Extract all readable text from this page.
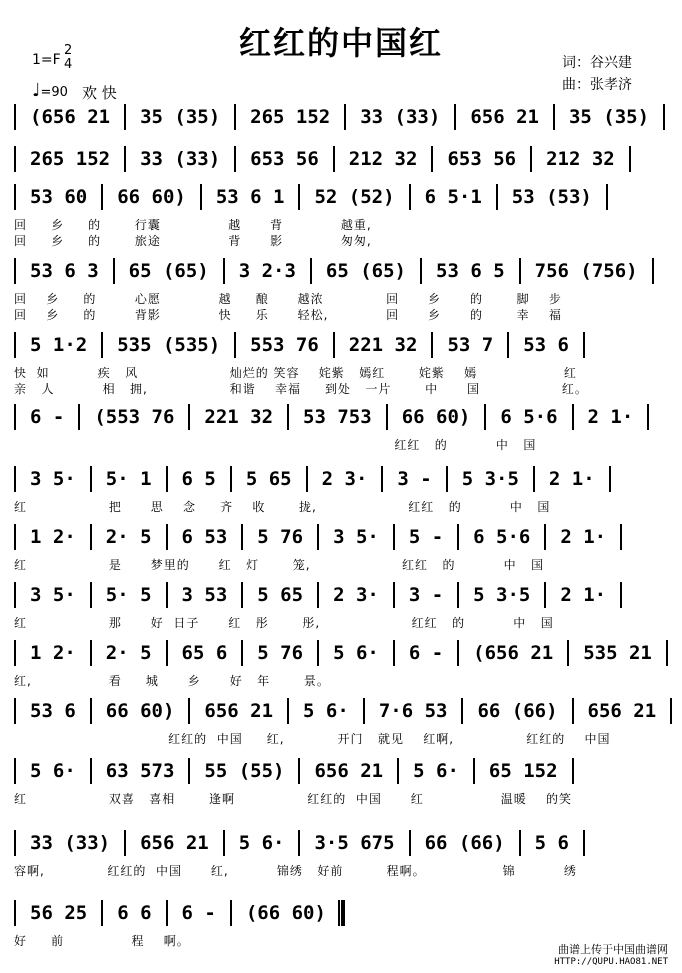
红红的中国红
1=F
2
4
♩=90 欢 快
词：谷兴建
曲：张孝济
(656 21 35 (35) 265 152 33 (33) 656 21 35 (35)
265 152 33 (33) 653 56 212 32 653 56 212 32
53 60 66 60) 53 6 1 52 (52) 6 5·1 53 (53)
回     乡     的       行囊              越      背            越重,
回     乡     的       旅途              背      影            匆匆,
53 6 3 65 (65) 3 2·3 65 (65) 53 6 5 756 (756)
回    乡     的        心愿            越     酿      越浓             回      乡      的       脚    步
回    乡     的        背影            快     乐      轻松,            回      乡      的       幸    福
5 1·2 535 (535) 553 76 221 32 53 7 53 6
快  如          疾   风                   灿烂的 笑容    姹紫   嫣红       姹紫    嫣                  红
亲   人          相   拥,                 和谐    幸福     到处   一片       中      国                 红。
6 - (553 76 221 32 53 753 66 60) 6 5·6 2 1·
红红   的          中   国
3 5· 5· 1 6 5 5 65 2 3· 3 - 5 3·5 2 1·
红                 把      思    念     齐    收       拢,                   红红   的          中   国
1 2· 2· 5 6 53 5 76 3 5· 5 - 6 5·6 2 1·
红                 是      梦里的      红   灯       笼,                   红红   的          中   国
3 5· 5· 5 3 53 5 65 2 3· 3 - 5 3·5 2 1·
红                 那      好  日子      红   彤       彤,                   红红   的          中   国
1 2· 2· 5 65 6 5 76 5 6· 6 - (656 21 535 21
红,                看     城      乡      好   年       景。
53 6 66 60) 656 21 5 6· 7·6 53 66 (66) 656 21
红红的  中国     红,           开门   就见    红啊,               红红的    中国
5 6· 63 573 55 (55) 656 21 5 6· 65 152
红                 双喜   喜相       逢啊               红红的  中国      红                温暖    的笑
33 (33) 656 21 5 6· 3·5 675 66 (66) 5 6
容啊,             红红的  中国      红,          锦绣   好前         程啊。                锦          绣
56 25 6 6 6 - (66 60)
好     前              程    啊。
曲谱上传于中国曲谱网
HTTP://QUPU.HAO81.NET
